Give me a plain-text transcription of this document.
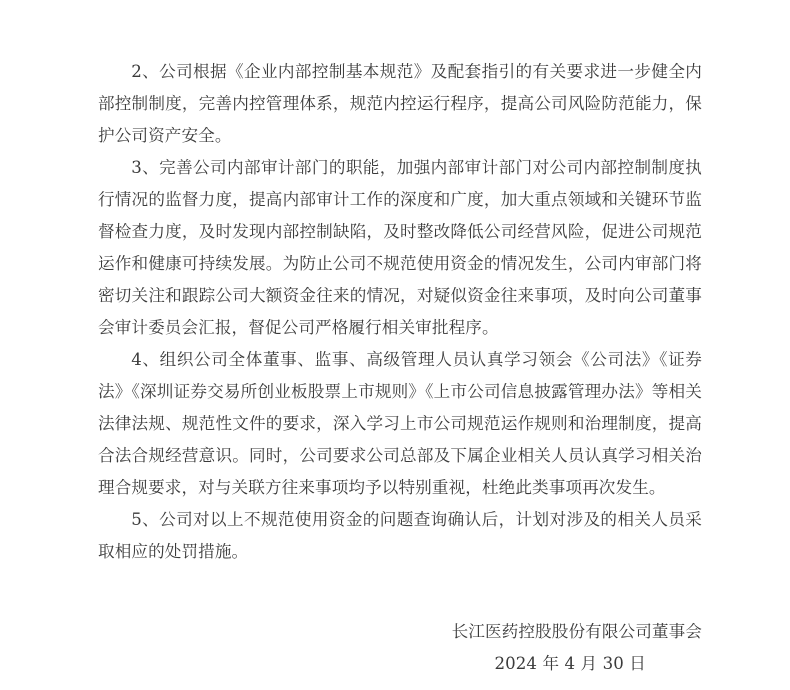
2、公司根据《企业内部控制基本规范》及配套指引的有关要求进一步健全内部控制制度，完善内控管理体系，规范内控运行程序，提高公司风险防范能力，保护公司资产安全。

3、完善公司内部审计部门的职能，加强内部审计部门对公司内部控制制度执行情况的监督力度，提高内部审计工作的深度和广度，加大重点领域和关键环节监督检查力度，及时发现内部控制缺陷，及时整改降低公司经营风险，促进公司规范运作和健康可持续发展。为防止公司不规范使用资金的情况发生，公司内审部门将密切关注和跟踪公司大额资金往来的情况，对疑似资金往来事项，及时向公司董事会审计委员会汇报，督促公司严格履行相关审批程序。

4、组织公司全体董事、监事、高级管理人员认真学习领会《公司法》《证券法》《深圳证券交易所创业板股票上市规则》《上市公司信息披露管理办法》等相关法律法规、规范性文件的要求，深入学习上市公司规范运作规则和治理制度，提高合法合规经营意识。同时，公司要求公司总部及下属企业相关人员认真学习相关治理合规要求，对与关联方往来事项均予以特别重视，杜绝此类事项再次发生。

5、公司对以上不规范使用资金的问题查询确认后，计划对涉及的相关人员采取相应的处罚措施。

长江医药控股股份有限公司董事会

2024 年 4 月 30 日
